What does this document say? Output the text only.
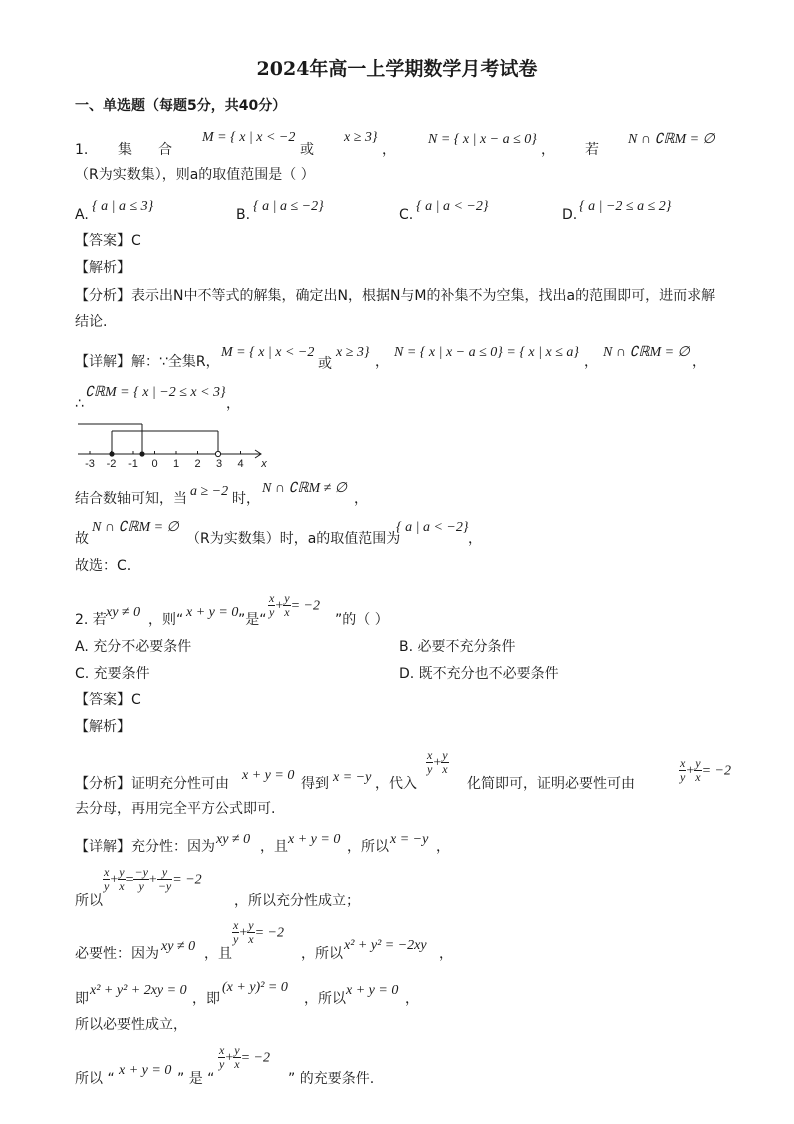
2024年高一上学期数学月考试卷
一、单选题（每题5分，共40分）
1. 集 合
M = { x | x < −2
或
x ≥ 3}
，
N = { x | x − a ≤ 0}
， 若
N ∩ ∁ℝM = ∅
（R为实数集），则a的取值范围是（ ）
A.
{ a | a ≤ 3}
B.
{ a | a ≤ −2}
C.
{ a | a < −2}
D.
{ a | −2 ≤ a ≤ 2}
【答案】C
【解析】
【分析】表示出N中不等式的解集，确定出N，根据N与M的补集不为空集，找出a的范围即可，进而求解
结论.
【详解】解：∵全集R，
M = { x | x < −2
或
x ≥ 3}
，
N = { x | x − a ≤ 0} = { x | x ≤ a}
，
N ∩ ∁ℝM = ∅
，
∴
∁ℝM = { x | −2 ≤ x < 3}
，
-3 -2 -1 0 1 2 3 4 x
结合数轴可知，当 a ≥ −2 时，
N ∩ ∁ℝM ≠ ∅
，
故
N ∩ ∁ℝM = ∅
（R为实数集）时，a的取值范围为
{ a | a < −2}
，
故选：C.
2. 若 xy ≠ 0 ，则“ x + y = 0 ”是“
$\frac{x}{y} + \frac{y}{x} = -2$
”的（ ）
A. 充分不必要条件	B. 必要不充分条件
C. 充要条件	D. 既不充分也不必要条件
【答案】C
【解析】
【分析】证明充分性可由
x + y = 0
得到 x = −y ，代入
$\frac{x}{y} + \frac{y}{x}$
化简即可，证明必要性可由	$\frac{x}{y} + \frac{y}{x} = -2$
去分母，再用完全平方公式即可.
【详解】充分性：因为 xy ≠ 0 ，且 x + y = 0 ，所以 x = −y ，
所以
$\frac{x}{y} + \frac{y}{x} = \frac{-y}{y} + \frac{y}{-y} = -2$
，所以充分性成立；
必要性：因为 xy ≠ 0 ，且
$\frac{x}{y} + \frac{y}{x} = -2$
，所以
x² + y² = −2xy
，
即
x² + y² + 2xy = 0
，即
(x + y)² = 0
，所以
x + y = 0
，
所以必要性成立，
所以 “
x + y = 0
” 是 “
$\frac{x}{y} + \frac{y}{x} = -2$
” 的充要条件.
